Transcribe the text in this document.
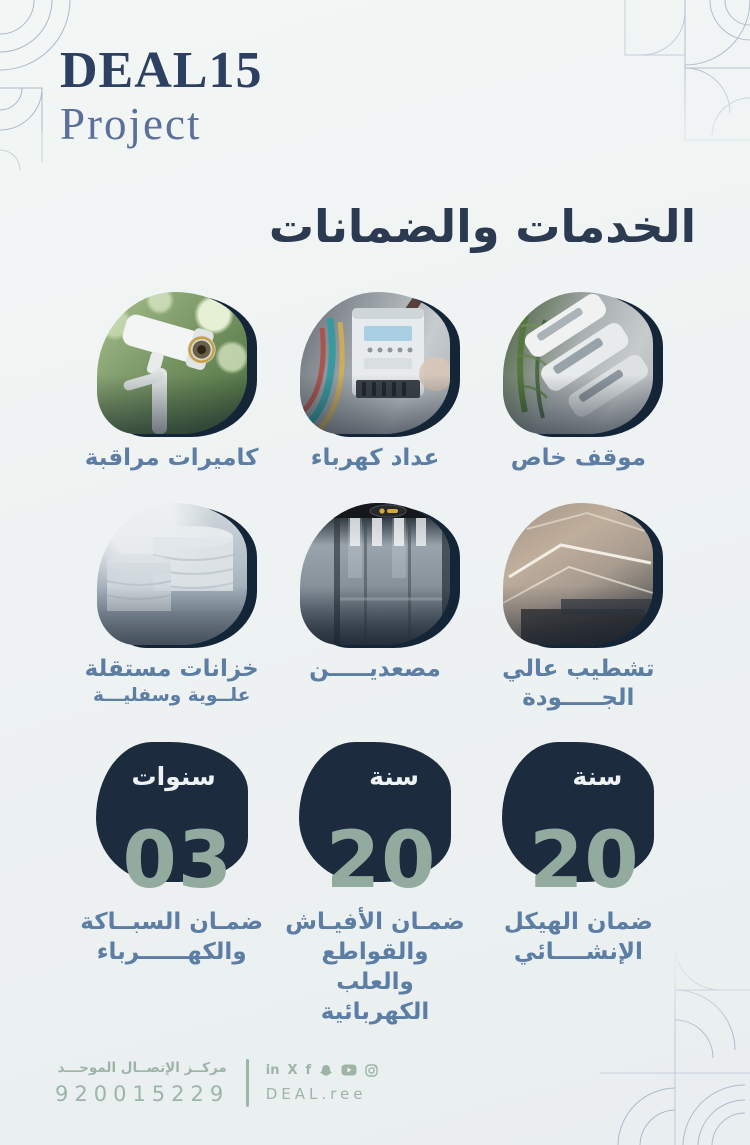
DEAL15
Project
الخدمات والضمانات
موقف خاص
عداد كهرباء
كاميرات مراقبة
تشطيب عالي
الجـــــودة
مصعديـــــن
خزانات مستقلة
علــوية وسفليـــة
سنة
20
ضمان الهيكل
الإنشــــائي
سنة
20
ضمـان الأفيـاش
والقواطع والعلب
الكهربائية
سنوات
03
ضمـان السبــاكة
والكهــــــرباء
مركــز الإتصــال الموحـــد
920015229
in X f
DEAL.ree
